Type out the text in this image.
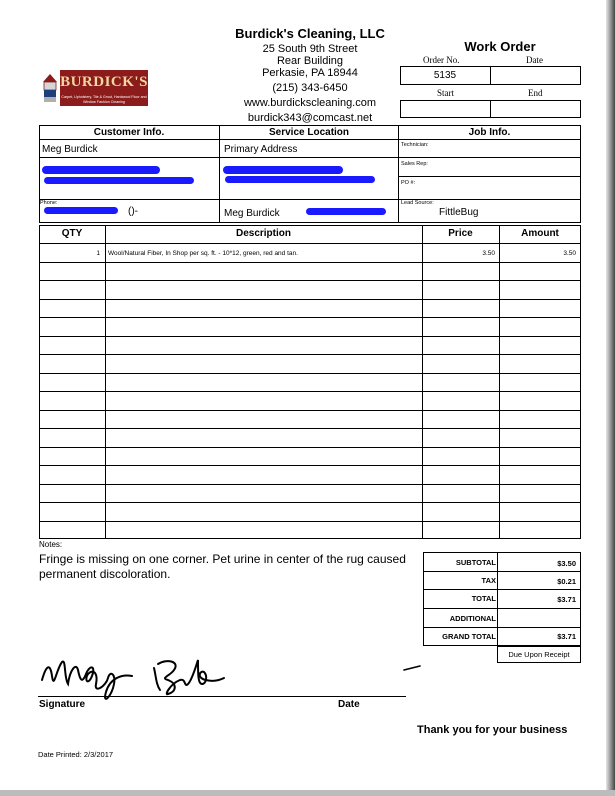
Burdick's Cleaning, LLC
25 South 9th Street
Rear Building
Perkasie, PA 18944
(215) 343-6450
www.burdickscleaning.com
burdick343@comcast.net
BURDICK'S
Carpet, Upholstery, Tile & Grout, Hardwood Floor and Window Fashion Cleaning
Work Order
Order No.	Date
5135
Start	End
Customer Info.	Service Location	Job Info.
Meg Burdick	Primary Address	Technician:
Sales Rep:
PO #:
Phone:
()-	Meg Burdick
Lead Source:
FittleBug
QTY	Description	Price	Amount
1 Wool/Natural Fiber, In Shop per sq. ft. - 10*12, green, red and tan.	3.50	3.50
Notes:
Fringe is missing on one corner. Pet urine in center of the rug caused permanent discoloration.
SUBTOTAL	$3.50
TAX	$0.21
TOTAL	$3.71
ADDITIONAL
GRAND TOTAL	$3.71
Due Upon Receipt
Signature	Date
Thank you for your business
Date Printed: 2/3/2017
